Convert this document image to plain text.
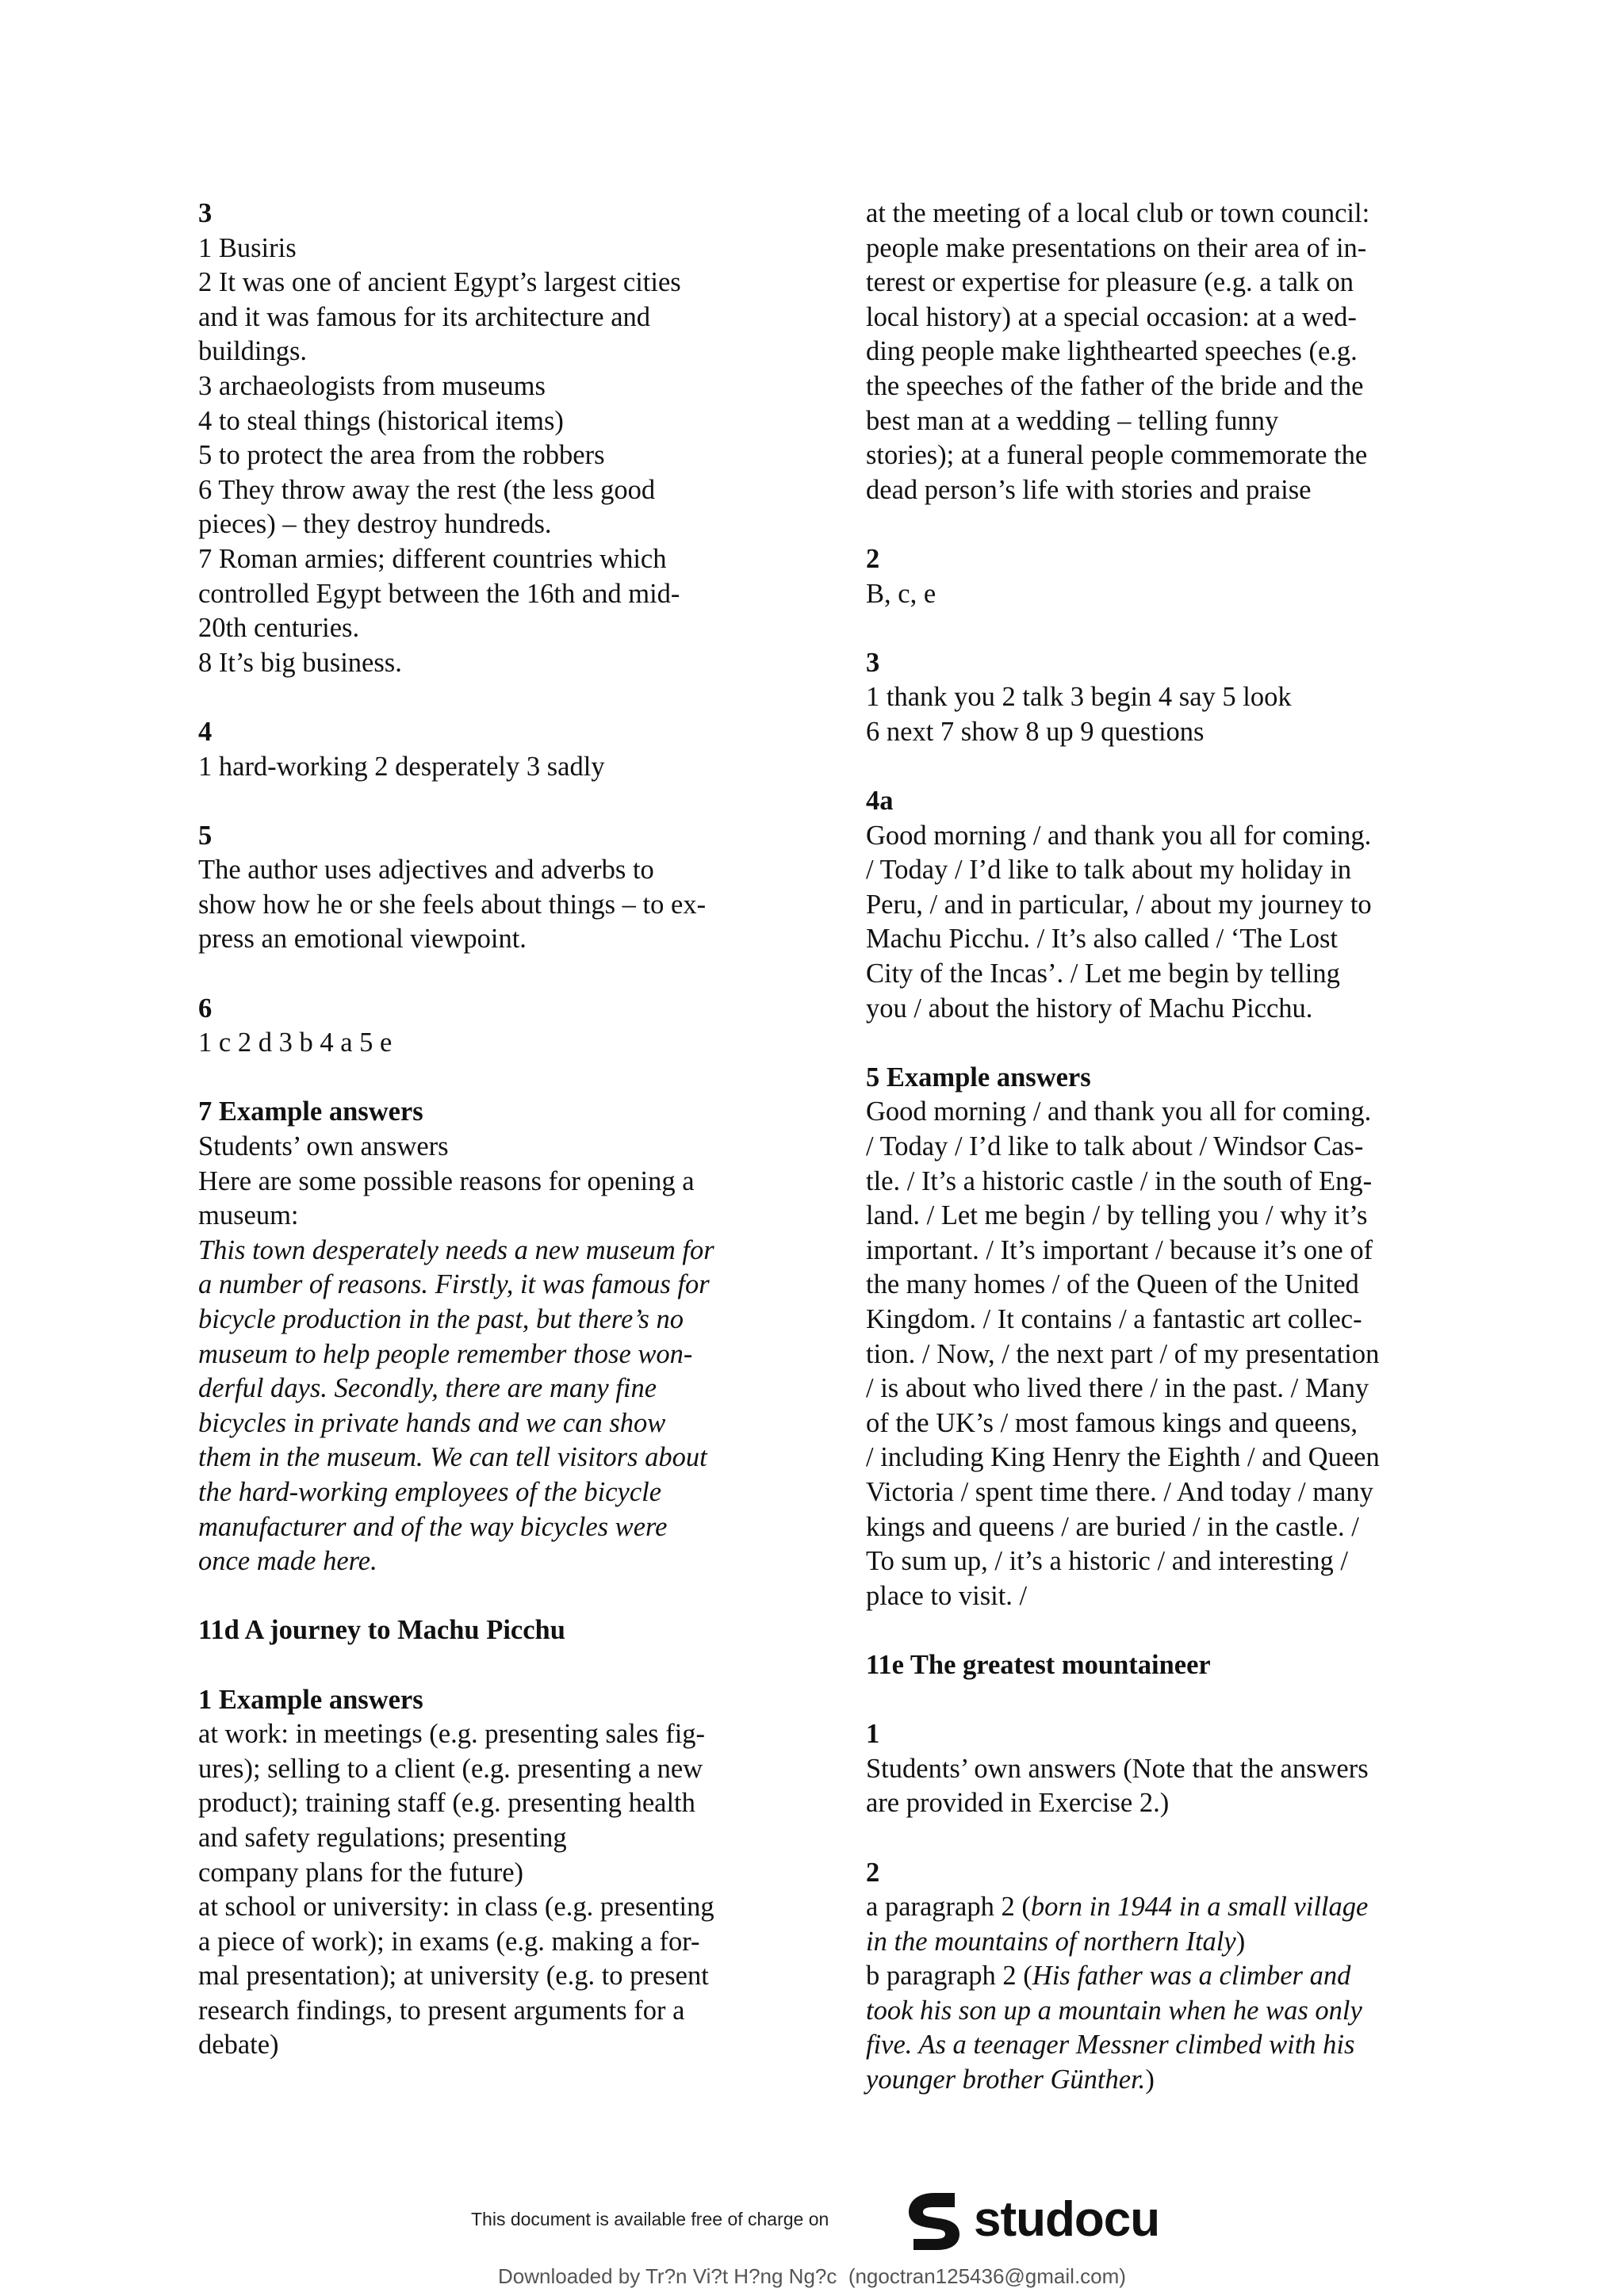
3
1 Busiris
2 It was one of ancient Egypt’s largest cities
and it was famous for its architecture and
buildings.
3 archaeologists from museums
4 to steal things (historical items)
5 to protect the area from the robbers
6 They throw away the rest (the less good
pieces) – they destroy hundreds.
7 Roman armies; different countries which
controlled Egypt between the 16th and mid-
20th centuries.
8 It’s big business.
4
1 hard-working 2 desperately 3 sadly
5
The author uses adjectives and adverbs to
show how he or she feels about things – to ex-
press an emotional viewpoint.
6
1 c 2 d 3 b 4 a 5 e
7 Example answers
Students’ own answers
Here are some possible reasons for opening a
museum:
This town desperately needs a new museum for
a number of reasons. Firstly, it was famous for
bicycle production in the past, but there’s no
museum to help people remember those won-
derful days. Secondly, there are many fine
bicycles in private hands and we can show
them in the museum. We can tell visitors about
the hard-working employees of the bicycle
manufacturer and of the way bicycles were
once made here.
11d A journey to Machu Picchu
1 Example answers
at work: in meetings (e.g. presenting sales fig-
ures); selling to a client (e.g. presenting a new
product); training staff (e.g. presenting health
and safety regulations; presenting
company plans for the future)
at school or university: in class (e.g. presenting
a piece of work); in exams (e.g. making a for-
mal presentation); at university (e.g. to present
research findings, to present arguments for a
debate)
at the meeting of a local club or town council:
people make presentations on their area of in-
terest or expertise for pleasure (e.g. a talk on
local history) at a special occasion: at a wed-
ding people make lighthearted speeches (e.g.
the speeches of the father of the bride and the
best man at a wedding – telling funny
stories); at a funeral people commemorate the
dead person’s life with stories and praise
2
B, c, e
3
1 thank you 2 talk 3 begin 4 say 5 look
6 next 7 show 8 up 9 questions
4a
Good morning / and thank you all for coming.
/ Today / I’d like to talk about my holiday in
Peru, / and in particular, / about my journey to
Machu Picchu. / It’s also called / ‘The Lost
City of the Incas’. / Let me begin by telling
you / about the history of Machu Picchu.
5 Example answers
Good morning / and thank you all for coming.
/ Today / I’d like to talk about / Windsor Cas-
tle. / It’s a historic castle / in the south of Eng-
land. / Let me begin / by telling you / why it’s
important. / It’s important / because it’s one of
the many homes / of the Queen of the United
Kingdom. / It contains / a fantastic art collec-
tion. / Now, / the next part / of my presentation
/ is about who lived there / in the past. / Many
of the UK’s / most famous kings and queens,
/ including King Henry the Eighth / and Queen
Victoria / spent time there. / And today / many
kings and queens / are buried / in the castle. /
To sum up, / it’s a historic / and interesting /
place to visit. /
11e The greatest mountaineer
1
Students’ own answers (Note that the answers
are provided in Exercise 2.)
2
a paragraph 2 (born in 1944 in a small village
in the mountains of northern Italy)
b paragraph 2 (His father was a climber and
took his son up a mountain when he was only
five. As a teenager Messner climbed with his
younger brother Günther.)
This document is available free of charge on	studocu
Downloaded by Tr?n Vi?t H?ng Ng?c  (ngoctran125436@gmail.com)
